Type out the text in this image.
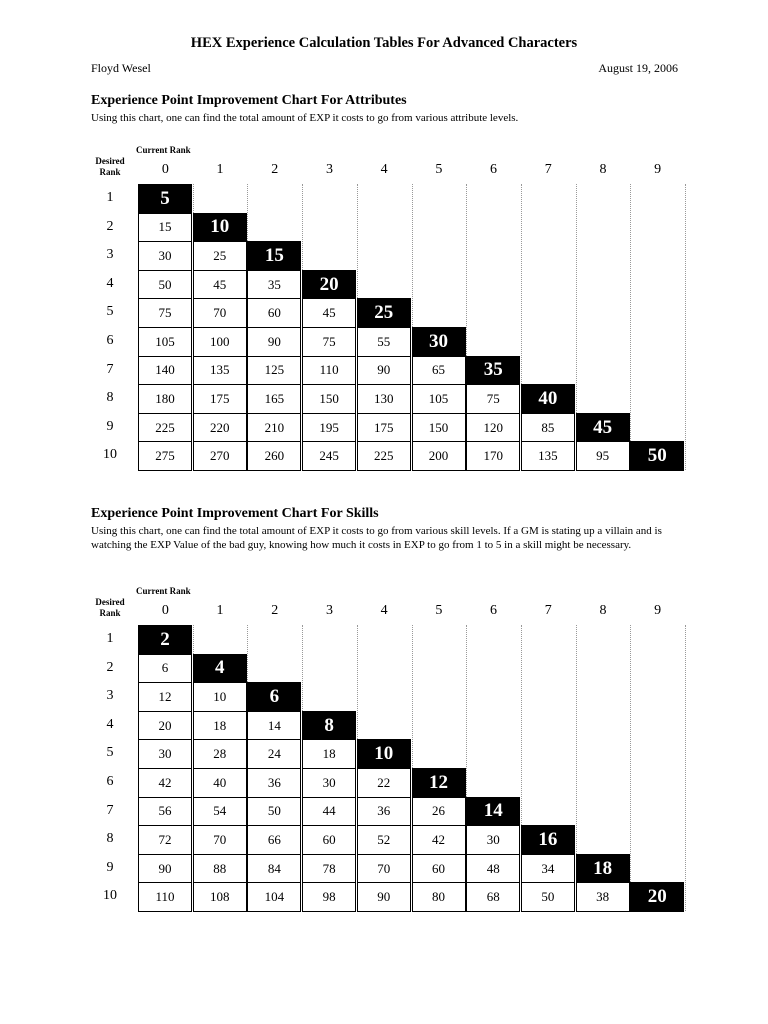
HEX Experience Calculation Tables For Advanced Characters
Floyd Wesel	August 19, 2006
Experience Point Improvement Chart For Attributes
Using this chart, one can find the total amount of EXP it costs to go from various attribute levels.
Experience Point Improvement Chart For Skills
Using this chart, one can find the total amount of EXP it costs to go from various skill levels. If a GM is stating up a villain and is watching the EXP Value of the bad guy, knowing how much it costs in EXP to go from 1 to 5 in a skill might be necessary.
Current Rank
Desired Rank	0	1	2	3	4	5	6	7	8	9
1	5
2	15	10
3	30	25	15
4	50	45	35	20
5	75	70	60	45	25
6	105	100	90	75	55	30
7	140	135	125	110	90	65	35
8	180	175	165	150	130	105	75	40
9	225	220	210	195	175	150	120	85	45
10	275	270	260	245	225	200	170	135	95	50
Current Rank
Desired Rank	0	1	2	3	4	5	6	7	8	9
1	2
2	6	4
3	12	10	6
4	20	18	14	8
5	30	28	24	18	10
6	42	40	36	30	22	12
7	56	54	50	44	36	26	14
8	72	70	66	60	52	42	30	16
9	90	88	84	78	70	60	48	34	18
10	110	108	104	98	90	80	68	50	38	20
